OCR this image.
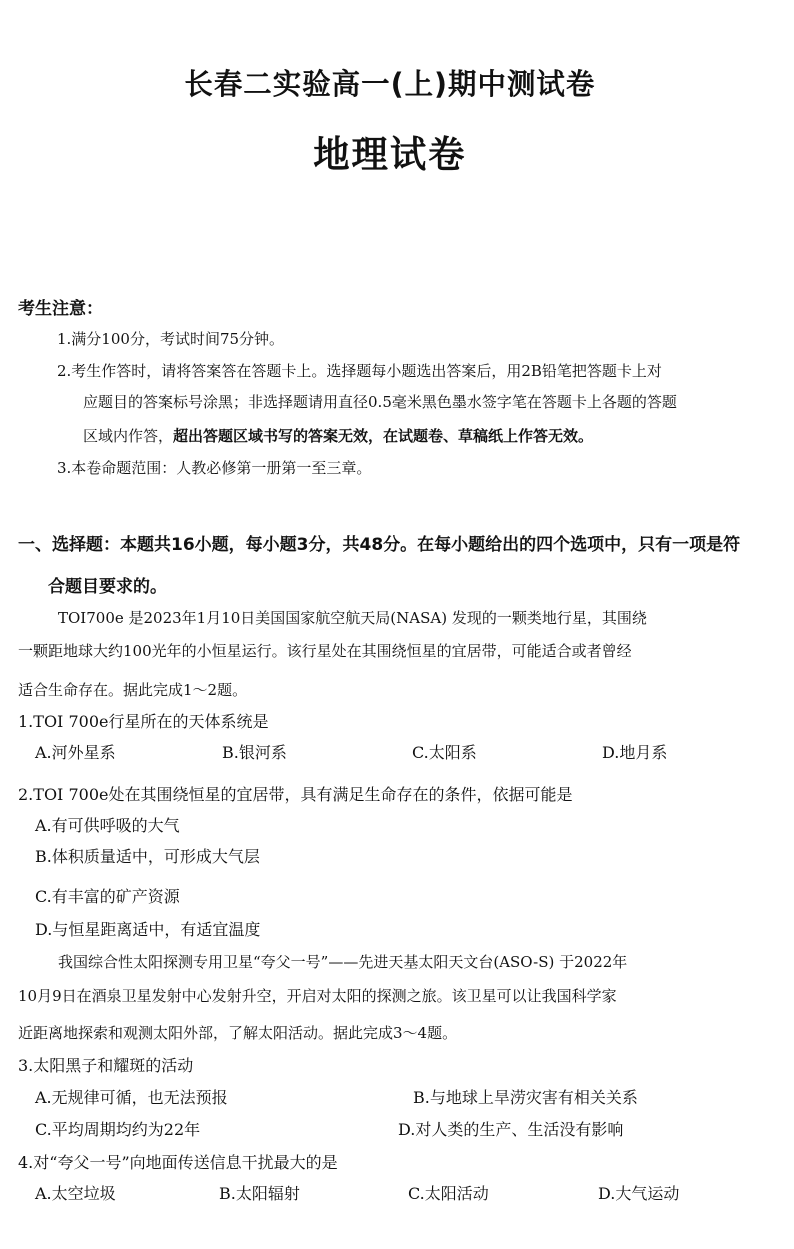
长春二实验高一(上)期中测试卷
地理试卷
考生注意：
1.满分100分，考试时间75分钟。
2.考生作答时，请将答案答在答题卡上。选择题每小题选出答案后，用2B铅笔把答题卡上对
应题目的答案标号涂黑；非选择题请用直径0.5毫米黑色墨水签字笔在答题卡上各题的答题
区域内作答，超出答题区域书写的答案无效，在试题卷、草稿纸上作答无效。
3.本卷命题范围：人教必修第一册第一至三章。
一、选择题：本题共16小题，每小题3分，共48分。在每小题给出的四个选项中，只有一项是符
合题目要求的。
TOI700e 是2023年1月10日美国国家航空航天局(NASA) 发现的一颗类地行星，其围绕
一颗距地球大约100光年的小恒星运行。该行星处在其围绕恒星的宜居带，可能适合或者曾经
适合生命存在。据此完成1～2题。
1.TOI 700e行星所在的天体系统是
A.河外星系	B.银河系	C.太阳系	D.地月系
2.TOI 700e处在其围绕恒星的宜居带，具有满足生命存在的条件，依据可能是
A.有可供呼吸的大气
B.体积质量适中，可形成大气层
C.有丰富的矿产资源
D.与恒星距离适中，有适宜温度
我国综合性太阳探测专用卫星“夸父一号”——先进天基太阳天文台(ASO-S) 于2022年
10月9日在酒泉卫星发射中心发射升空，开启对太阳的探测之旅。该卫星可以让我国科学家
近距离地探索和观测太阳外部，了解太阳活动。据此完成3～4题。
3.太阳黑子和耀斑的活动
A.无规律可循，也无法预报	B.与地球上旱涝灾害有相关关系
C.平均周期均约为22年	D.对人类的生产、生活没有影响
4.对“夸父一号”向地面传送信息干扰最大的是
A.太空垃圾	B.太阳辐射	C.太阳活动	D.大气运动
